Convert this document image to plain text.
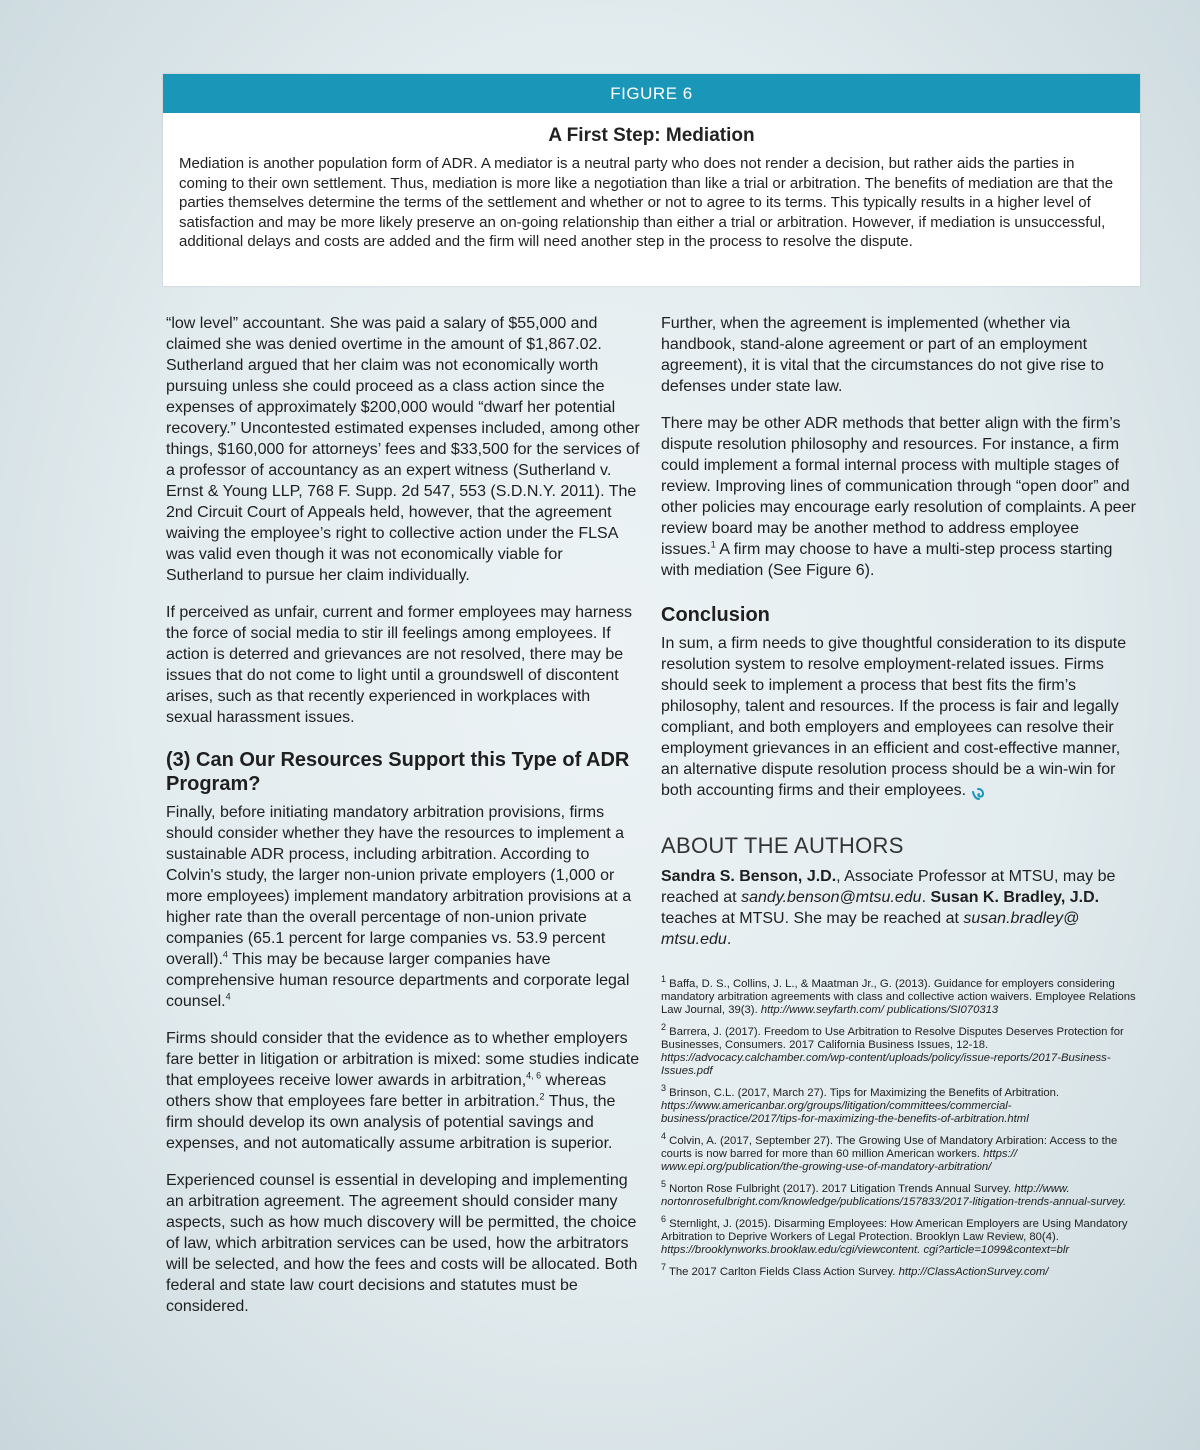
FIGURE 6
A First Step: Mediation
Mediation is another population form of ADR. A mediator is a neutral party who does not render a decision, but rather aids the parties in coming to their own settlement. Thus, mediation is more like a negotiation than like a trial or arbitration. The benefits of mediation are that the parties themselves determine the terms of the settlement and whether or not to agree to its terms. This typically results in a higher level of satisfaction and may be more likely preserve an on-going relationship than either a trial or arbitration. However, if mediation is unsuccessful, additional delays and costs are added and the firm will need another step in the process to resolve the dispute.

“low level” accountant. She was paid a salary of $55,000 and claimed she was denied overtime in the amount of $1,867.02. Sutherland argued that her claim was not economically worth pursuing unless she could proceed as a class action since the expenses of approximately $200,000 would “dwarf her potential recovery.” Uncontested estimated expenses included, among other things, $160,000 for attorneys’ fees and $33,500 for the services of a professor of accountancy as an expert witness (Sutherland v. Ernst & Young LLP, 768 F. Supp. 2d 547, 553 (S.D.N.Y. 2011). The 2nd Circuit Court of Appeals held, however, that the agreement waiving the employee’s right to collective action under the FLSA was valid even though it was not economically viable for Sutherland to pursue her claim individually.

If perceived as unfair, current and former employees may harness the force of social media to stir ill feelings among employees. If action is deterred and grievances are not resolved, there may be issues that do not come to light until a groundswell of discontent arises, such as that recently experienced in workplaces with sexual harassment issues.

(3) Can Our Resources Support this Type of ADR Program?

Finally, before initiating mandatory arbitration provisions, firms should consider whether they have the resources to implement a sustainable ADR process, including arbitration. According to Colvin's study, the larger non-union private employers (1,000 or more employees) implement mandatory arbitration provisions at a higher rate than the overall percentage of non-union private companies (65.1 percent for large companies vs. 53.9 percent overall).$^4$ This may be because larger companies have comprehensive human resource departments and corporate legal counsel.$^4$

Firms should consider that the evidence as to whether employers fare better in litigation or arbitration is mixed: some studies indicate that employees receive lower awards in arbitration,$^{4, 6}$ whereas others show that employees fare better in arbitration.$^2$ Thus, the firm should develop its own analysis of potential savings and expenses, and not automatically assume arbitration is superior.

Experienced counsel is essential in developing and implementing an arbitration agreement. The agreement should consider many aspects, such as how much discovery will be permitted, the choice of law, which arbitration services can be used, how the arbitrators will be selected, and how the fees and costs will be allocated. Both federal and state law court decisions and statutes must be considered.

Further, when the agreement is implemented (whether via handbook, stand-alone agreement or part of an employment agreement), it is vital that the circumstances do not give rise to defenses under state law.

There may be other ADR methods that better align with the firm’s dispute resolution philosophy and resources. For instance, a firm could implement a formal internal process with multiple stages of review. Improving lines of communication through “open door” and other policies may encourage early resolution of complaints. A peer review board may be another method to address employee issues.$^1$ A firm may choose to have a multi-step process starting with mediation (See Figure 6).

Conclusion

In sum, a firm needs to give thoughtful consideration to its dispute resolution system to resolve employment-related issues. Firms should seek to implement a process that best fits the firm’s philosophy, talent and resources. If the process is fair and legally compliant, and both employers and employees can resolve their employment grievances in an efficient and cost-effective manner, an alternative dispute resolution process should be a win-win for both accounting firms and their employees.

ABOUT THE AUTHORS

Sandra S. Benson, J.D., Associate Professor at MTSU, may be reached at sandy.benson@mtsu.edu. Susan K. Bradley, J.D. teaches at MTSU. She may be reached at susan.bradley@ mtsu.edu.

$^1$ Baffa, D. S., Collins, J. L., & Maatman Jr., G. (2013). Guidance for employers considering mandatory arbitration agreements with class and collective action waivers. Employee Relations Law Journal, 39(3). http://www.seyfarth.com/ publications/SI070313
$^2$ Barrera, J. (2017). Freedom to Use Arbitration to Resolve Disputes Deserves Protection for Businesses, Consumers. 2017 California Business Issues, 12-18. https://advocacy.calchamber.com/wp-content/uploads/policy/issue-reports/2017-Business-Issues.pdf
$^3$ Brinson, C.L. (2017, March 27). Tips for Maximizing the Benefits of Arbitration. https://www.americanbar.org/groups/litigation/committees/commercial-business/practice/2017/tips-for-maximizing-the-benefits-of-arbitration.html
$^4$ Colvin, A. (2017, September 27). The Growing Use of Mandatory Arbiration: Access to the courts is now barred for more than 60 million American workers. https:// www.epi.org/publication/the-growing-use-of-mandatory-arbitration/
$^5$ Norton Rose Fulbright (2017). 2017 Litigation Trends Annual Survey. http://www. nortonrosefulbright.com/knowledge/publications/157833/2017-litigation-trends-annual-survey.
$^6$ Sternlight, J. (2015). Disarming Employees: How American Employers are Using Mandatory Arbitration to Deprive Workers of Legal Protection. Brooklyn Law Review, 80(4). https://brooklynworks.brooklaw.edu/cgi/viewcontent. cgi?article=1099&context=blr
$^7$ The 2017 Carlton Fields Class Action Survey. http://ClassActionSurvey.com/
